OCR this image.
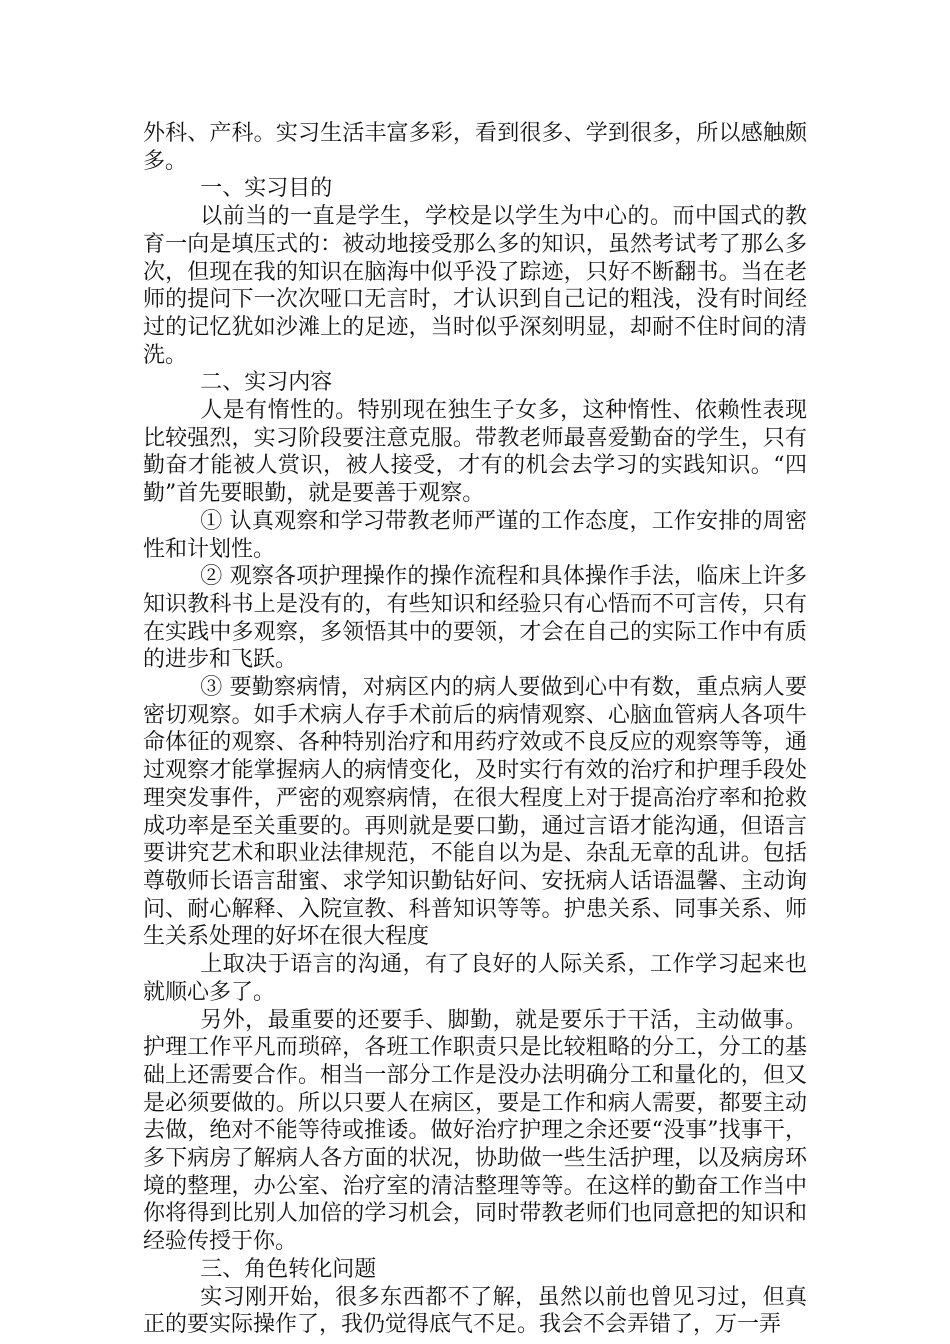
外科、产科。实习生活丰富多彩，看到很多、学到很多，所以感触颇多。

一、实习目的

以前当的一直是学生，学校是以学生为中心的。而中国式的教育一向是填压式的：被动地接受那么多的知识，虽然考试考了那么多次，但现在我的知识在脑海中似乎没了踪迹，只好不断翻书。当在老师的提问下一次次哑口无言时，才认识到自己记的粗浅，没有时间经过的记忆犹如沙滩上的足迹，当时似乎深刻明显，却耐不住时间的清洗。

二、实习内容

人是有惰性的。特别现在独生子女多，这种惰性、依赖性表现比较强烈，实习阶段要注意克服。带教老师最喜爱勤奋的学生，只有勤奋才能被人赏识，被人接受，才有的机会去学习的实践知识。“四勤”首先要眼勤，就是要善于观察。

① 认真观察和学习带教老师严谨的工作态度，工作安排的周密性和计划性。

② 观察各项护理操作的操作流程和具体操作手法，临床上许多知识教科书上是没有的，有些知识和经验只有心悟而不可言传，只有在实践中多观察，多领悟其中的要领，才会在自己的实际工作中有质的进步和飞跃。

③ 要勤察病情，对病区内的病人要做到心中有数，重点病人要密切观察。如手术病人存手术前后的病情观察、心脑血管病人各项牛命体征的观察、各种特别治疗和用药疗效或不良反应的观察等等，通过观察才能掌握病人的病情变化，及时实行有效的治疗和护理手段处理突发事件，严密的观察病情，在很大程度上对于提高治疗率和抢救成功率是至关重要的。再则就是要口勤，通过言语才能沟通，但语言要讲究艺术和职业法律规范，不能自以为是、杂乱无章的乱讲。包括尊敬师长语言甜蜜、求学知识勤钻好问、安抚病人话语温馨、主动询问、耐心解释、入院宣教、科普知识等等。护患关系、同事关系、师生关系处理的好坏在很大程度

上取决于语言的沟通，有了良好的人际关系，工作学习起来也就顺心多了。

另外，最重要的还要手、脚勤，就是要乐于干活，主动做事。护理工作平凡而琐碎，各班工作职责只是比较粗略的分工，分工的基础上还需要合作。相当一部分工作是没办法明确分工和量化的，但又是必须要做的。所以只要人在病区，要是工作和病人需要，都要主动去做，绝对不能等待或推诿。做好治疗护理之余还要“没事”找事干，多下病房了解病人各方面的状况，协助做一些生活护理，以及病房环境的整理，办公室、治疗室的清洁整理等等。在这样的勤奋工作当中你将得到比别人加倍的学习机会，同时带教老师们也同意把的知识和经验传授于你。

三、角色转化问题

实习刚开始，很多东西都不了解，虽然以前也曾见习过，但真正的要实际操作了，我仍觉得底气不足。我会不会弄错了，万一弄
